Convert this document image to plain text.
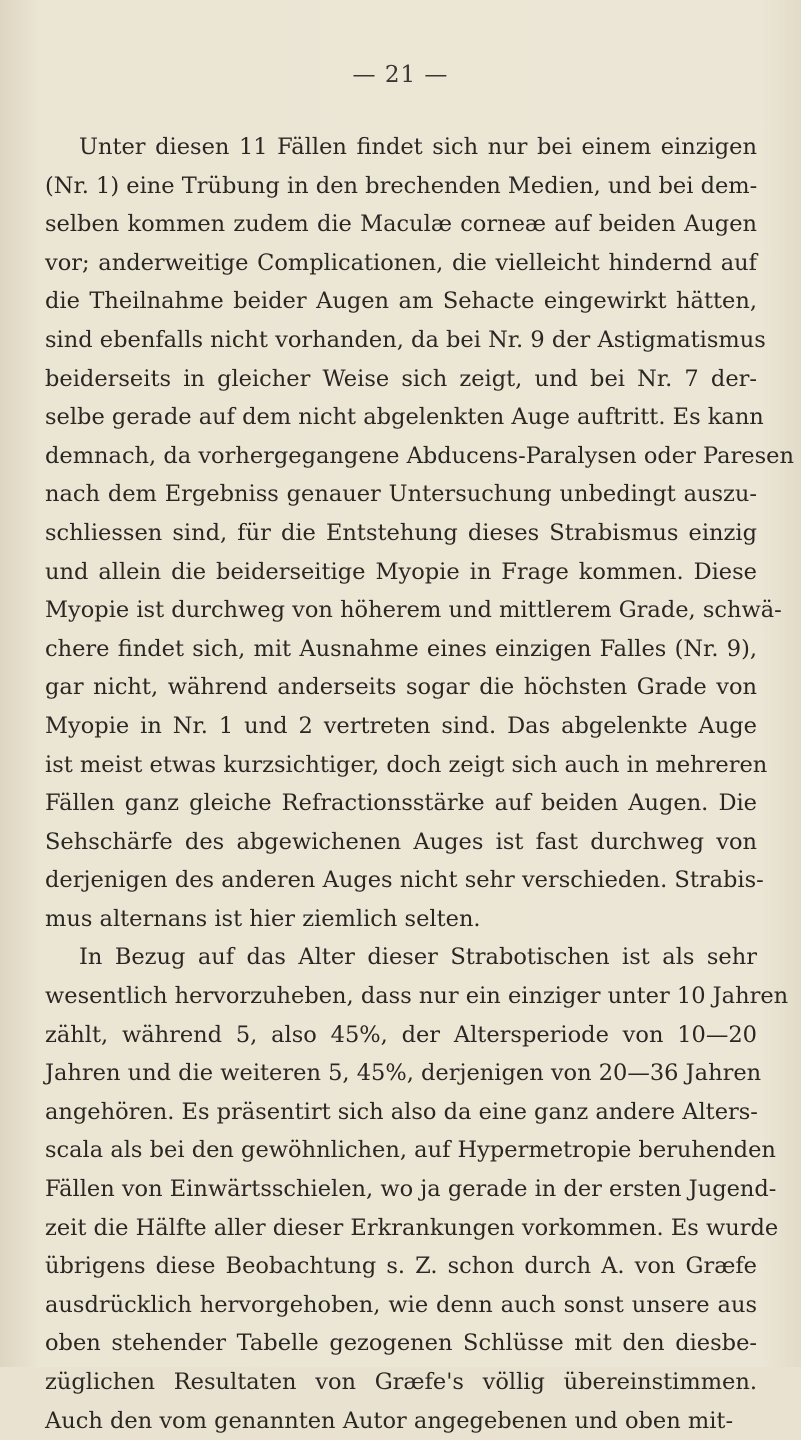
— 21 —

Unter diesen 11 Fällen findet sich nur bei einem einzigen
(Nr. 1) eine Trübung in den brechenden Medien, und bei dem-
selben kommen zudem die Maculæ corneæ auf beiden Augen
vor; anderweitige Complicationen, die vielleicht hindernd auf
die Theilnahme beider Augen am Sehacte eingewirkt hätten,
sind ebenfalls nicht vorhanden, da bei Nr. 9 der Astigmatismus
beiderseits in gleicher Weise sich zeigt, und bei Nr. 7 der-
selbe gerade auf dem nicht abgelenkten Auge auftritt. Es kann
demnach, da vorhergegangene Abducens-Paralysen oder Paresen
nach dem Ergebniss genauer Untersuchung unbedingt auszu-
schliessen sind, für die Entstehung dieses Strabismus einzig
und allein die beiderseitige Myopie in Frage kommen. Diese
Myopie ist durchweg von höherem und mittlerem Grade, schwä-
chere findet sich, mit Ausnahme eines einzigen Falles (Nr. 9),
gar nicht, während anderseits sogar die höchsten Grade von
Myopie in Nr. 1 und 2 vertreten sind. Das abgelenkte Auge
ist meist etwas kurzsichtiger, doch zeigt sich auch in mehreren
Fällen ganz gleiche Refractionsstärke auf beiden Augen. Die
Sehschärfe des abgewichenen Auges ist fast durchweg von
derjenigen des anderen Auges nicht sehr verschieden. Strabis-
mus alternans ist hier ziemlich selten.

In Bezug auf das Alter dieser Strabotischen ist als sehr
wesentlich hervorzuheben, dass nur ein einziger unter 10 Jahren
zählt, während 5, also 45%, der Altersperiode von 10—20
Jahren und die weiteren 5, 45%, derjenigen von 20—36 Jahren
angehören. Es präsentirt sich also da eine ganz andere Alters-
scala als bei den gewöhnlichen, auf Hypermetropie beruhenden
Fällen von Einwärtsschielen, wo ja gerade in der ersten Jugend-
zeit die Hälfte aller dieser Erkrankungen vorkommen. Es wurde
übrigens diese Beobachtung s. Z. schon durch A. von Græfe
ausdrücklich hervorgehoben, wie denn auch sonst unsere aus
oben stehender Tabelle gezogenen Schlüsse mit den diesbe-
züglichen Resultaten von Græfe's völlig übereinstimmen.
Auch den vom genannten Autor angegebenen und oben mit-
